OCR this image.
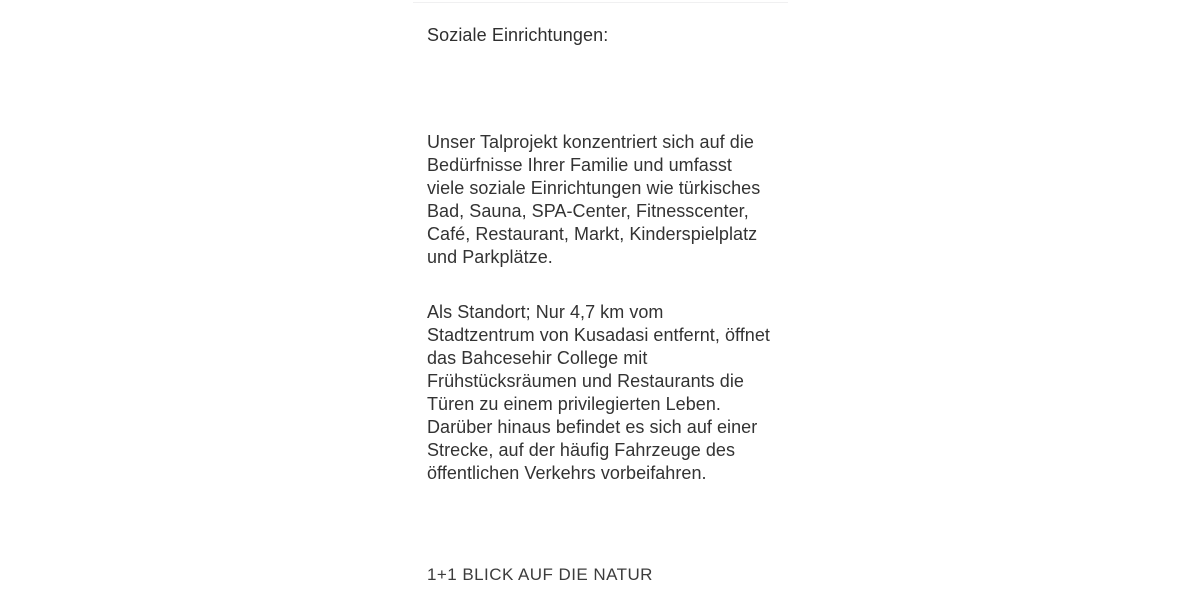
Soziale Einrichtungen:

Unser Talprojekt konzentriert sich auf die Bedürfnisse Ihrer Familie und umfasst viele soziale Einrichtungen wie türkisches Bad, Sauna, SPA-Center, Fitnesscenter, Café, Restaurant, Markt, Kinderspielplatz und Parkplätze.

Als Standort; Nur 4,7 km vom Stadtzentrum von Kusadasi entfernt, öffnet das Bahcesehir College mit Frühstücksräumen und Restaurants die Türen zu einem privilegierten Leben. Darüber hinaus befindet es sich auf einer Strecke, auf der häufig Fahrzeuge des öffentlichen Verkehrs vorbeifahren.

1+1 BLICK AUF DIE NATUR
